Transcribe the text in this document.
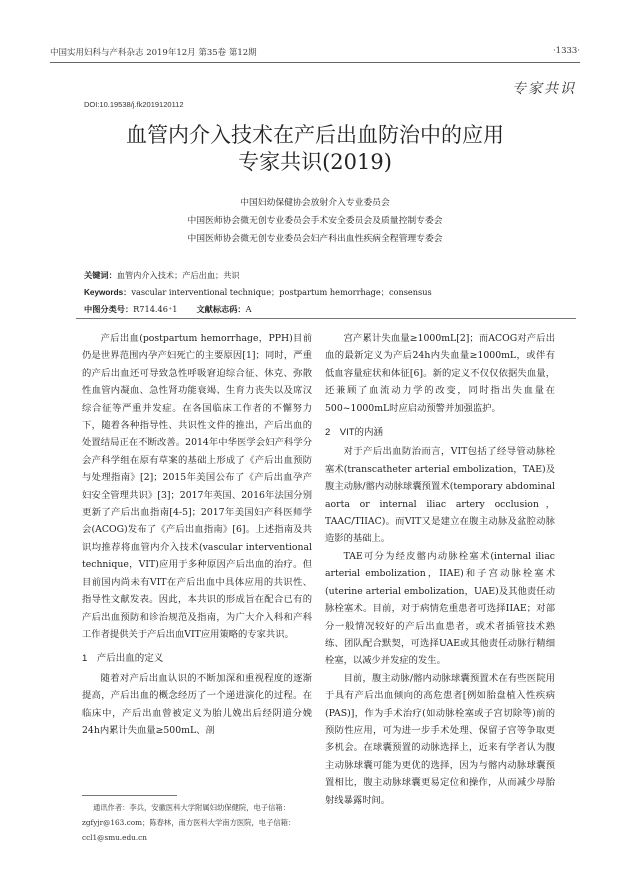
中国实用妇科与产科杂志 2019年12月 第35卷 第12期	·1333·
专家共识
DOI:10.19538/j.fk2019120112
血管内介入技术在产后出血防治中的应用
专家共识(2019)
中国妇幼保健协会放射介入专业委员会
中国医师协会微无创专业委员会手术安全委员会及质量控制专委会
中国医师协会微无创专业委员会妇产科出血性疾病全程管理专委会
关键词：血管内介入技术；产后出血；共识
Keywords：vascular interventional technique；postpartum hemorrhage；consensus
中图分类号：R714.46⁺1    文献标志码：A

产后出血(postpartum hemorrhage，PPH)目前仍是世界范围内孕产妇死亡的主要原因[1]；同时，严重的产后出血还可导致急性呼吸窘迫综合征、休克、弥散性血管内凝血、急性肾功能衰竭、生育力丧失以及席汉综合征等严重并发症。在各国临床工作者的不懈努力下，随着各种指导性、共识性文件的推出，产后出血的处置结局正在不断改善。2014年中华医学会妇产科学分会产科学组在原有草案的基础上形成了《产后出血预防与处理指南》[2]；2015年美国公布了《产后出血孕产妇安全管理共识》[3]；2017年英国、2016年法国分别更新了产后出血指南[4-5]；2017年美国妇产科医师学会(ACOG)发布了《产后出血指南》[6]。上述指南及共识均推荐将血管内介入技术(vascular interventional technique，VIT)应用于多种原因产后出血的治疗。但目前国内尚未有VIT在产后出血中具体应用的共识性、指导性文献发表。因此，本共识的形成旨在配合已有的产后出血预防和诊治规范及指南，为广大介入科和产科工作者提供关于产后出血VIT应用策略的专家共识。

1　产后出血的定义

随着对产后出血认识的不断加深和重视程度的逐渐提高，产后出血的概念经历了一个递进演化的过程。在临床中，产后出血曾被定义为胎儿娩出后经阴道分娩24h内累计失血量≥500mL、剖

宫产累计失血量≥1000mL[2]；而ACOG对产后出血的最新定义为产后24h内失血量≥1000mL，或伴有低血容量症状和体征[6]。新的定义不仅仅依据失血量，还兼顾了血流动力学的改变，同时指出失血量在500~1000mL时应启动预警并加强监护。

2　VIT的内涵

对于产后出血防治而言，VIT包括了经导管动脉栓塞术(transcatheter arterial embolization，TAE)及腹主动脉/髂内动脉球囊预置术(temporary abdominal aorta or internal iliac artery occlusion，TAAC/TIIAC)。而VIT又是建立在腹主动脉及盆腔动脉造影的基础上。

TAE可分为经皮髂内动脉栓塞术(internal iliac arterial embolization，IIAE)和子宫动脉栓塞术(uterine arterial embolization，UAE)及其他责任动脉栓塞术。目前，对于病情危重患者可选择IIAE；对部分一般情况较好的产后出血患者，或术者插管技术熟练、团队配合默契，可选择UAE或其他责任动脉行精细栓塞，以减少并发症的发生。

目前，腹主动脉/髂内动脉球囊预置术在有些医院用于具有产后出血倾向的高危患者[例如胎盘植入性疾病(PAS)]，作为手术治疗(如动脉栓塞或子宫切除等)前的预防性应用，可为进一步手术处理、保留子宫等争取更多机会。在球囊预置的动脉选择上，近来有学者认为腹主动脉球囊可能为更优的选择，因为与髂内动脉球囊预置相比，腹主动脉球囊更易定位和操作，从而减少母胎射线暴露时间。

通讯作者：李兵，安徽医科大学附属妇幼保健院，电子信箱：zgfyjr@163.com；陈春林，南方医科大学南方医院，电子信箱：ccl1@smu.edu.cn
